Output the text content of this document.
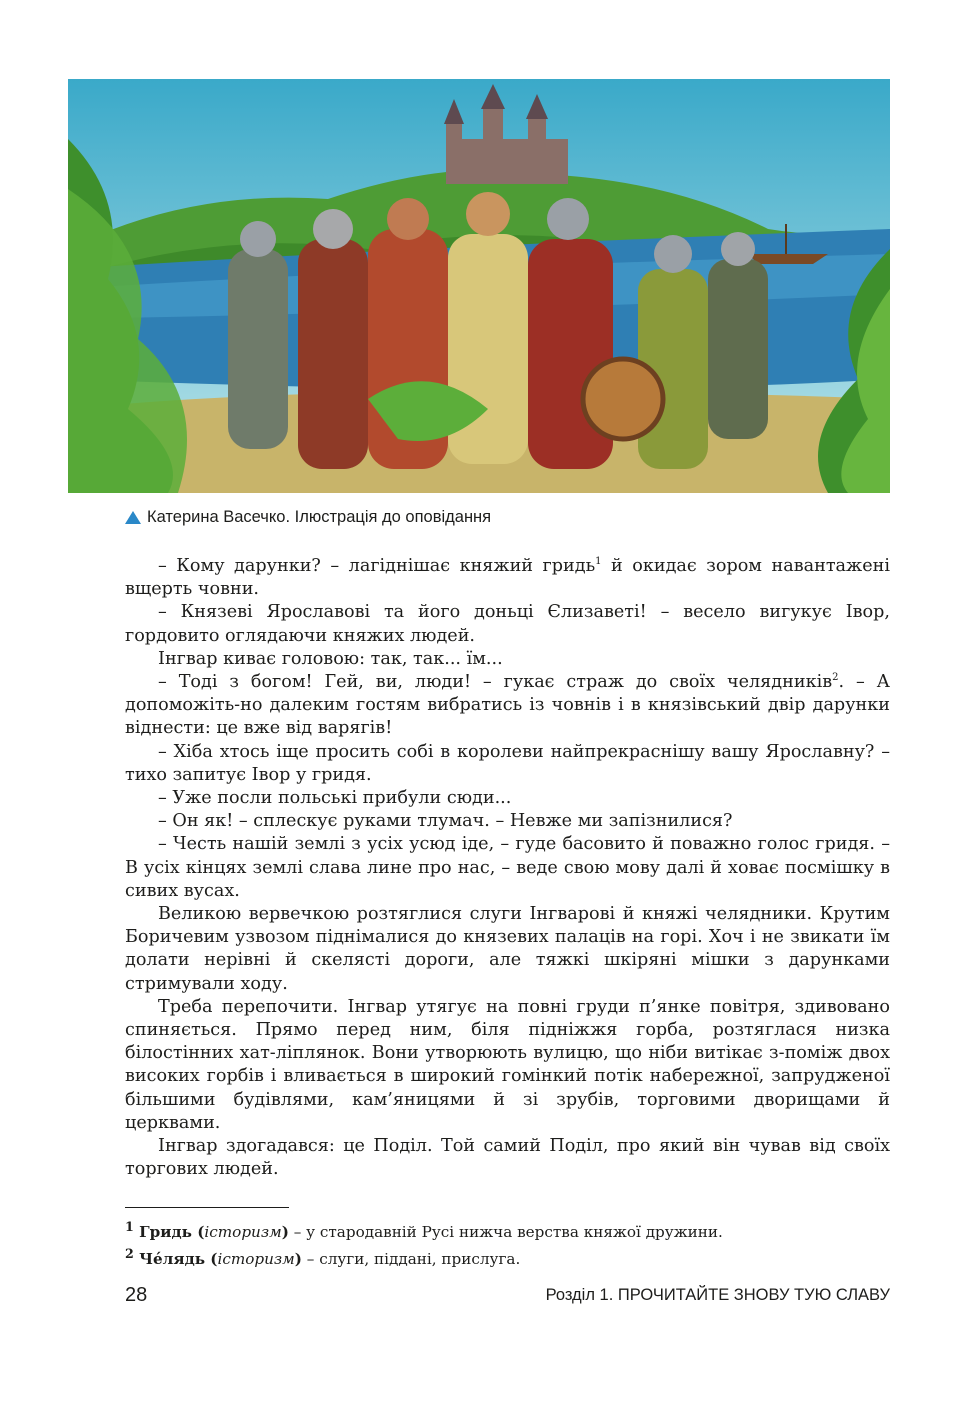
Катерина Васечко. Ілюстрація до оповідання

– Кому дарунки? – лагіднішає княжий гридь$^1$ й окидає зором навантажені вщерть човни.

– Князеві Ярославові та його доньці Єлизаветі! – весело вигукує Івор, гордовито оглядаючи княжих людей.

Інгвар киває головою: так, так... їм...

– Тоді з богом! Гей, ви, люди! – гукає страж до своїх челядників$^2$. – А допоможіть-но далеким гостям вибратись із човнів і в князівський двір дарунки віднести: це вже від варягів!

– Хіба хтось іще просить собі в королеви найпрекраснішу вашу Ярославну? – тихо запитує Івор у гридя.

– Уже посли польські прибули сюди...

– Он як! – сплескує руками тлумач. – Невже ми запізнилися?

– Честь нашій землі з усіх усюд іде, – гуде басовито й поважно голос гридя. – В усіх кінцях землі слава лине про нас, – веде свою мову далі й ховає посмішку в сивих вусах.

Великою вервечкою розтяглися слуги Інгварові й княжі челядники. Крутим Боричевим узвозом піднімалися до князевих палаців на горі. Хоч і не звикати їм долати нерівні й скелясті дороги, але тяжкі шкіряні мішки з дарунками стримували ходу.

Треба перепочити. Інгвар утягує на повні груди п’янке повітря, здивовано спиняється. Прямо перед ним, біля підніжжя горба, розтяглася низка білостінних хат-ліплянок. Вони утворюють вулицю, що ніби витікає з-поміж двох високих горбів і вливається в широкий гомінкий потік набережної, запрудженої більшими будівлями, кам’яницями й зі зрубів, торговими дворищами й церквами.

Інгвар здогадався: це Поділ. Той самий Поділ, про який він чував від своїх торгових людей.

$^1$ Гридь (історизм) – у стародавній Русі нижча верства княжої дружини.

$^2$ Че́лядь (історизм) – слуги, піддані, прислуга.

28	Розділ 1. ПРОЧИТАЙТЕ ЗНОВУ ТУЮ СЛАВУ
